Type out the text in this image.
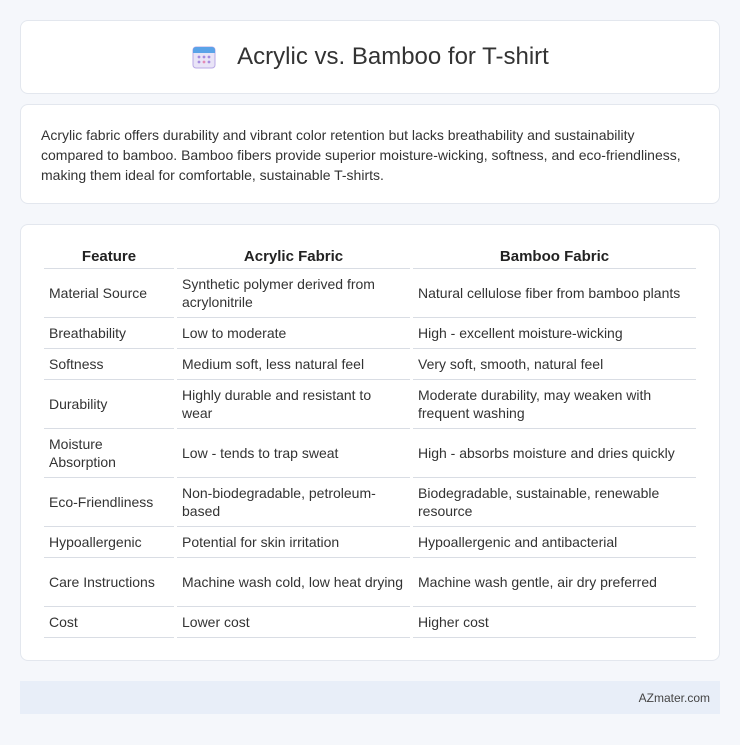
Acrylic vs. Bamboo for T-shirt

Acrylic fabric offers durability and vibrant color retention but lacks breathability and sustainability compared to bamboo. Bamboo fibers provide superior moisture-wicking, softness, and eco-friendliness, making them ideal for comfortable, sustainable T-shirts.

Feature	Acrylic Fabric	Bamboo Fabric
Material Source	Synthetic polymer derived from acrylonitrile	Natural cellulose fiber from bamboo plants
Breathability	Low to moderate	High - excellent moisture-wicking
Softness	Medium soft, less natural feel	Very soft, smooth, natural feel
Durability	Highly durable and resistant to wear	Moderate durability, may weaken with frequent washing
Moisture Absorption	Low - tends to trap sweat	High - absorbs moisture and dries quickly
Eco-Friendliness	Non-biodegradable, petroleum-based	Biodegradable, sustainable, renewable resource
Hypoallergenic	Potential for skin irritation	Hypoallergenic and antibacterial
Care Instructions	Machine wash cold, low heat drying	Machine wash gentle, air dry preferred
Cost	Lower cost	Higher cost
AZmater.com
